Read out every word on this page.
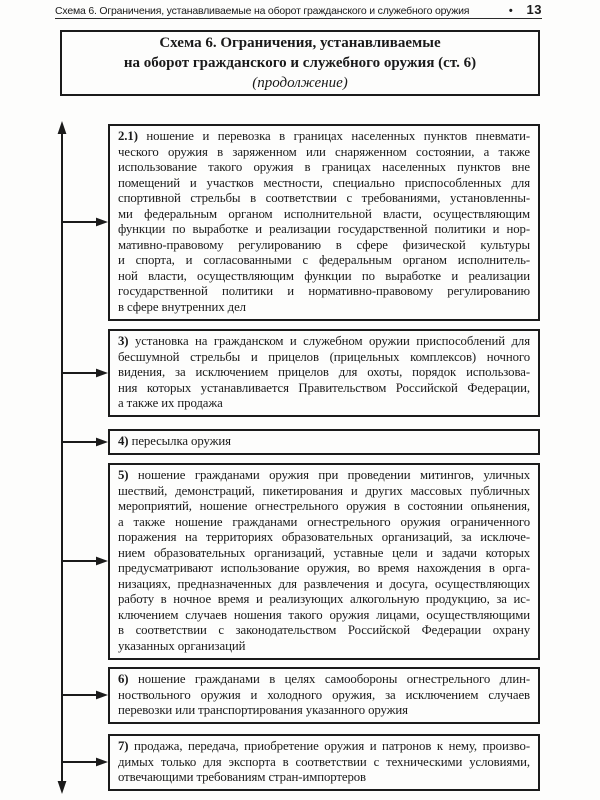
Схема 6. Ограничения, устанавливаемые на оборот гражданского и служебного оружия	• 13
Схема 6. Ограничения, устанавливаемые
на оборот гражданского и служебного оружия (ст. 6)
(продолжение)
2.1) ношение и перевозка в границах населенных пунктов пневмати-
ческого оружия в заряженном или снаряженном состоянии, а также
использование такого оружия в границах населенных пунктов вне
помещений и участков местности, специально приспособленных для
спортивной стрельбы в соответствии с требованиями, установленны-
ми федеральным органом исполнительной власти, осуществляющим
функции по выработке и реализации государственной политики и нор-
мативно-правовому регулированию в сфере физической культуры
и спорта, и согласованными с федеральным органом исполнитель-
ной власти, осуществляющим функции по выработке и реализации
государственной политики и нормативно-правовому регулированию
в сфере внутренних дел
3) установка на гражданском и служебном оружии приспособлений для
бесшумной стрельбы и прицелов (прицельных комплексов) ночного
видения, за исключением прицелов для охоты, порядок использова-
ния которых устанавливается Правительством Российской Федерации,
а также их продажа
4) пересылка оружия
5) ношение гражданами оружия при проведении митингов, уличных
шествий, демонстраций, пикетирования и других массовых публичных
мероприятий, ношение огнестрельного оружия в состоянии опьянения,
а также ношение гражданами огнестрельного оружия ограниченного
поражения на территориях образовательных организаций, за исключе-
нием образовательных организаций, уставные цели и задачи которых
предусматривают использование оружия, во время нахождения в орга-
низациях, предназначенных для развлечения и досуга, осуществляющих
работу в ночное время и реализующих алкогольную продукцию, за ис-
ключением случаев ношения такого оружия лицами, осуществляющими
в соответствии с законодательством Российской Федерации охрану
указанных организаций
6) ношение гражданами в целях самообороны огнестрельного длин-
ноствольного оружия и холодного оружия, за исключением случаев
перевозки или транспортирования указанного оружия
7) продажа, передача, приобретение оружия и патронов к нему, произво-
димых только для экспорта в соответствии с техническими условиями,
отвечающими требованиям стран-импортеров
